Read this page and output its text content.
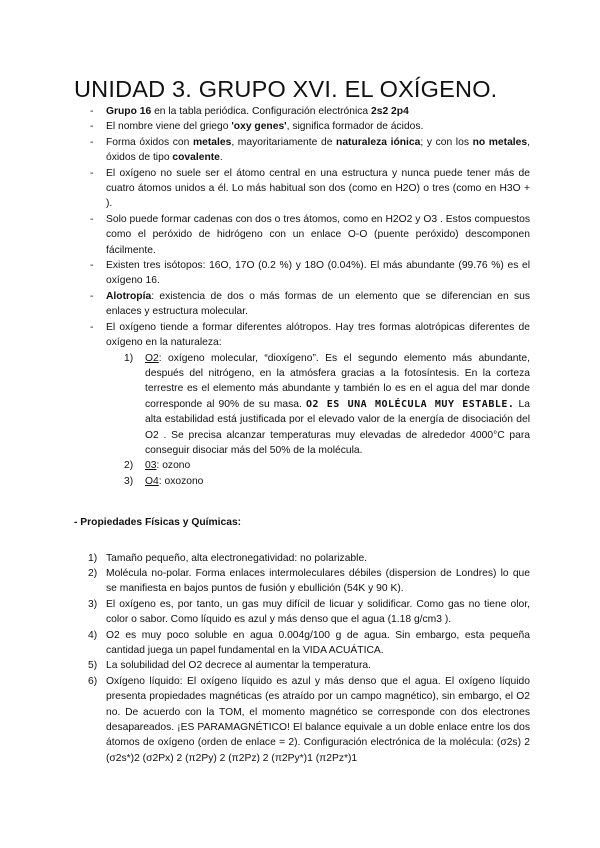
UNIDAD 3. GRUPO XVI. EL OXÍGENO.
- Grupo 16 en la tabla periódica. Configuración electrónica 2s2 2p4
- El nombre viene del griego 'oxy genes', significa formador de ácidos.
- Forma óxidos con metales, mayoritariamente de naturaleza iónica; y con los no metales, óxidos de tipo covalente.
- El oxígeno no suele ser el átomo central en una estructura y nunca puede tener más de cuatro átomos unidos a él. Lo más habitual son dos (como en H2O) o tres (como en H3O + ).
- Solo puede formar cadenas con dos o tres átomos, como en H2O2 y O3 . Estos compuestos como el peróxido de hidrógeno con un enlace O-O (puente peróxido) descomponen fácilmente.
- Existen tres isótopos: 16O, 17O (0.2 %) y 18O (0.04%). El más abundante (99.76 %) es el oxígeno 16.
- Alotropía: existencia de dos o más formas de un elemento que se diferencian en sus enlaces y estructura molecular.
- El oxígeno tiende a formar diferentes alótropos. Hay tres formas alotrópicas diferentes de oxígeno en la naturaleza:
1) O2: oxígeno molecular, “dioxígeno”. Es el segundo elemento más abundante, después del nitrógeno, en la atmósfera gracias a la fotosíntesis. En la corteza terrestre es el elemento más abundante y también lo es en el agua del mar donde corresponde al 90% de su masa. O2 ES UNA MOLÉCULA MUY ESTABLE. La alta estabilidad está justificada por el elevado valor de la energía de disociación del O2 . Se precisa alcanzar temperaturas muy elevadas de alrededor 4000°C para conseguir disociar más del 50% de la molécula.
2) 03: ozono
3) O4: oxozono
- Propiedades Físicas y Químicas:
1) Tamaño pequeño, alta electronegatividad: no polarizable.
2) Molécula no-polar. Forma enlaces intermoleculares débiles (dispersion de Londres) lo que se manifiesta en bajos puntos de fusión y ebullición (54K y 90 K).
3) El oxígeno es, por tanto, un gas muy difícil de licuar y solidificar. Como gas no tiene olor, color o sabor. Como líquido es azul y más denso que el agua (1.18 g/cm3 ).
4) O2 es muy poco soluble en agua 0.004g/100 g de agua. Sin embargo, esta pequeña cantidad juega un papel fundamental en la VIDA ACUÁTICA.
5) La solubilidad del O2 decrece al aumentar la temperatura.
6) Oxígeno líquido: El oxígeno líquido es azul y más denso que el agua. El oxígeno líquido presenta propiedades magnéticas (es atraído por un campo magnético), sin embargo, el O2 no. De acuerdo con la TOM, el momento magnético se corresponde con dos electrones desapareados. ¡ES PARAMAGNÉTICO! El balance equivale a un doble enlace entre los dos átomos de oxígeno (orden de enlace = 2). Configuración electrónica de la molécula: (σ2s) 2 (σ2s*)2 (σ2Px) 2 (π2Py) 2 (π2Pz) 2 (π2Py*)1 (π2Pz*)1
